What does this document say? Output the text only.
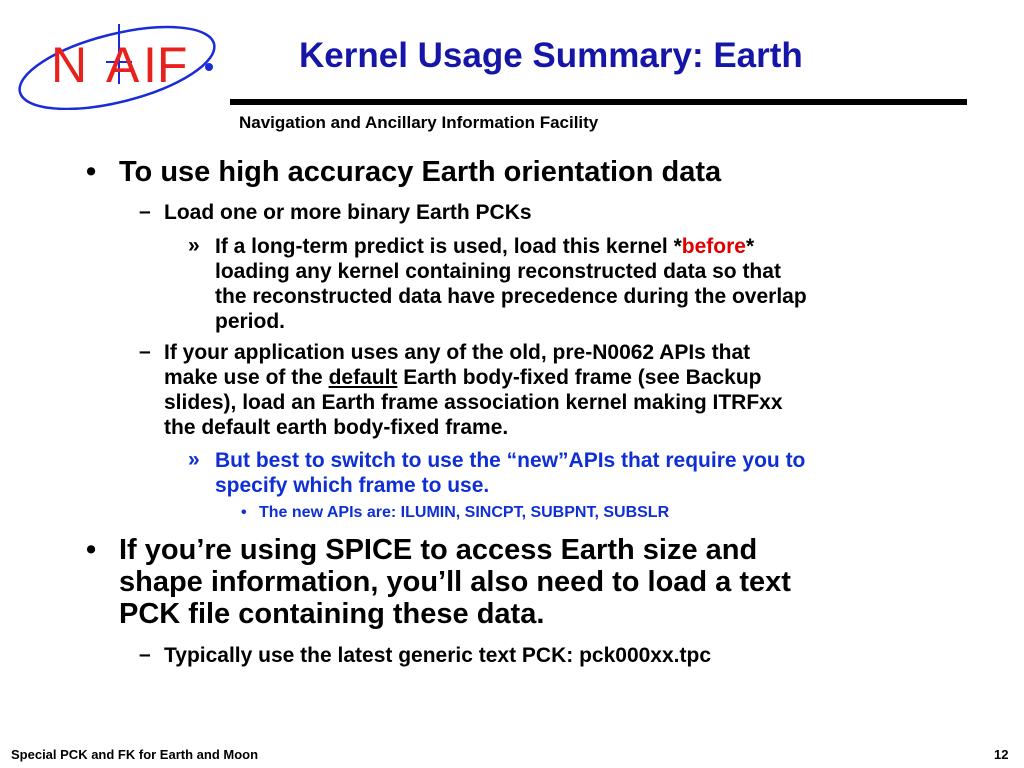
N A IF	Kernel Usage Summary: Earth
Navigation and Ancillary Information Facility
• To use high accuracy Earth orientation data
– Load one or more binary Earth PCKs
» If a long-term predict is used, load this kernel *before*
loading any kernel containing reconstructed data so that
the reconstructed data have precedence during the overlap
period.
– If your application uses any of the old, pre-N0062 APIs that
make use of the default Earth body-fixed frame (see Backup
slides), load an Earth frame association kernel making ITRFxx
the default earth body-fixed frame.
» But best to switch to use the “new”APIs that require you to
specify which frame to use.
• The new APIs are: ILUMIN, SINCPT, SUBPNT, SUBSLR
• If you’re using SPICE to access Earth size and
shape information, you’ll also need to load a text
PCK file containing these data.
– Typically use the latest generic text PCK: pck000xx.tpc
Special PCK and FK for Earth and Moon	12
